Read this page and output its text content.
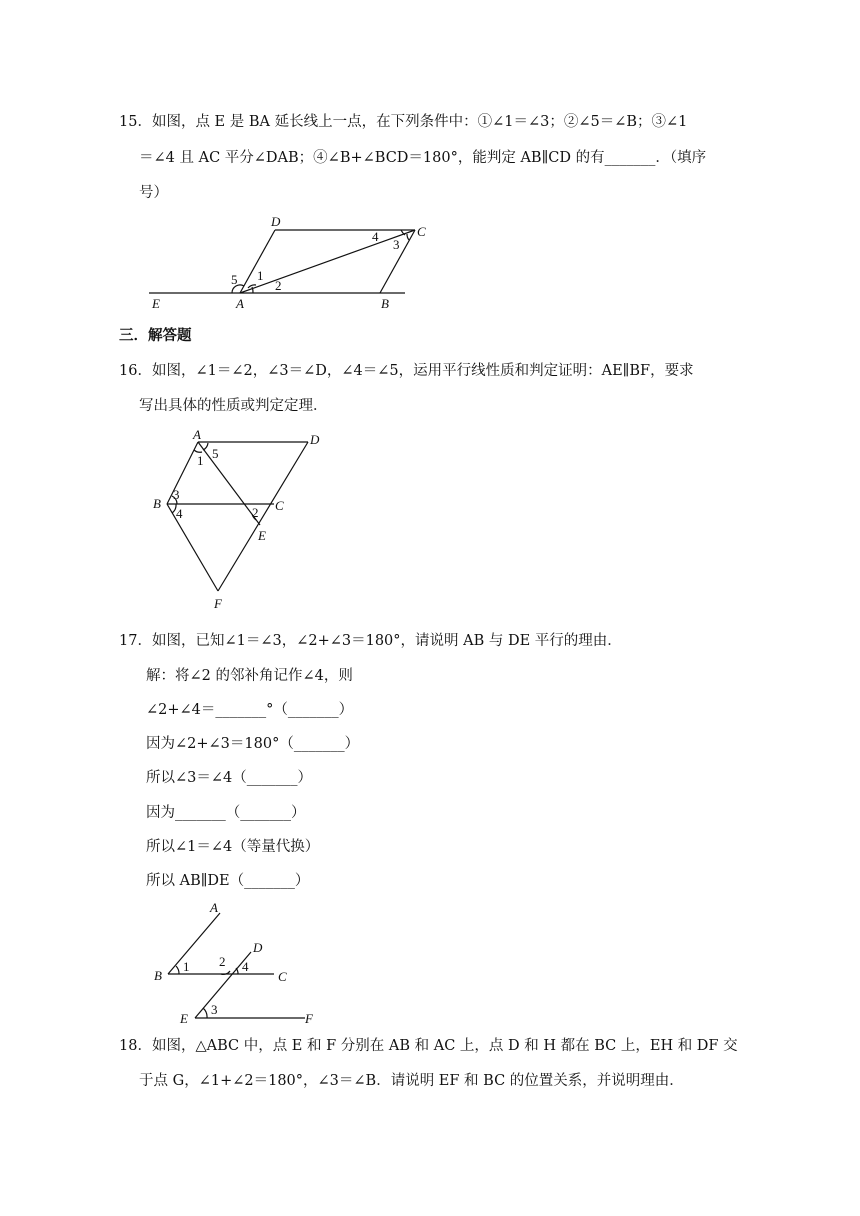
15．如图，点 E 是 BA 延长线上一点，在下列条件中：①∠1＝∠3；②∠5＝∠B；③∠1
＝∠4 且 AC 平分∠DAB；④∠B+∠BCD＝180°，能判定 AB∥CD 的有_______．（填序
号）
D
C
4
3
5 1
2
E	A	B
三．解答题
16．如图，∠1＝∠2，∠3＝∠D，∠4＝∠5，运用平行线性质和判定证明：AE∥BF，要求
写出具体的性质或判定定理．
A	D
1 5
B
3
4
C
2
E
F
17．如图，已知∠1＝∠3，∠2+∠3＝180°，请说明 AB 与 DE 平行的理由．
解：将∠2 的邻补角记作∠4，则
∠2+∠4＝_______°（_______）
因为∠2+∠3＝180°（_______）
所以∠3＝∠4（_______）
因为_______（_______）
所以∠1＝∠4（等量代换）
所以 AB∥DE（_______）
A
D
2 4
B
1
C
E
3
F
18．如图，△ABC 中，点 E 和 F 分别在 AB 和 AC 上，点 D 和 H 都在 BC 上，EH 和 DF 交
于点 G，∠1+∠2＝180°，∠3＝∠B．请说明 EF 和 BC 的位置关系，并说明理由．
